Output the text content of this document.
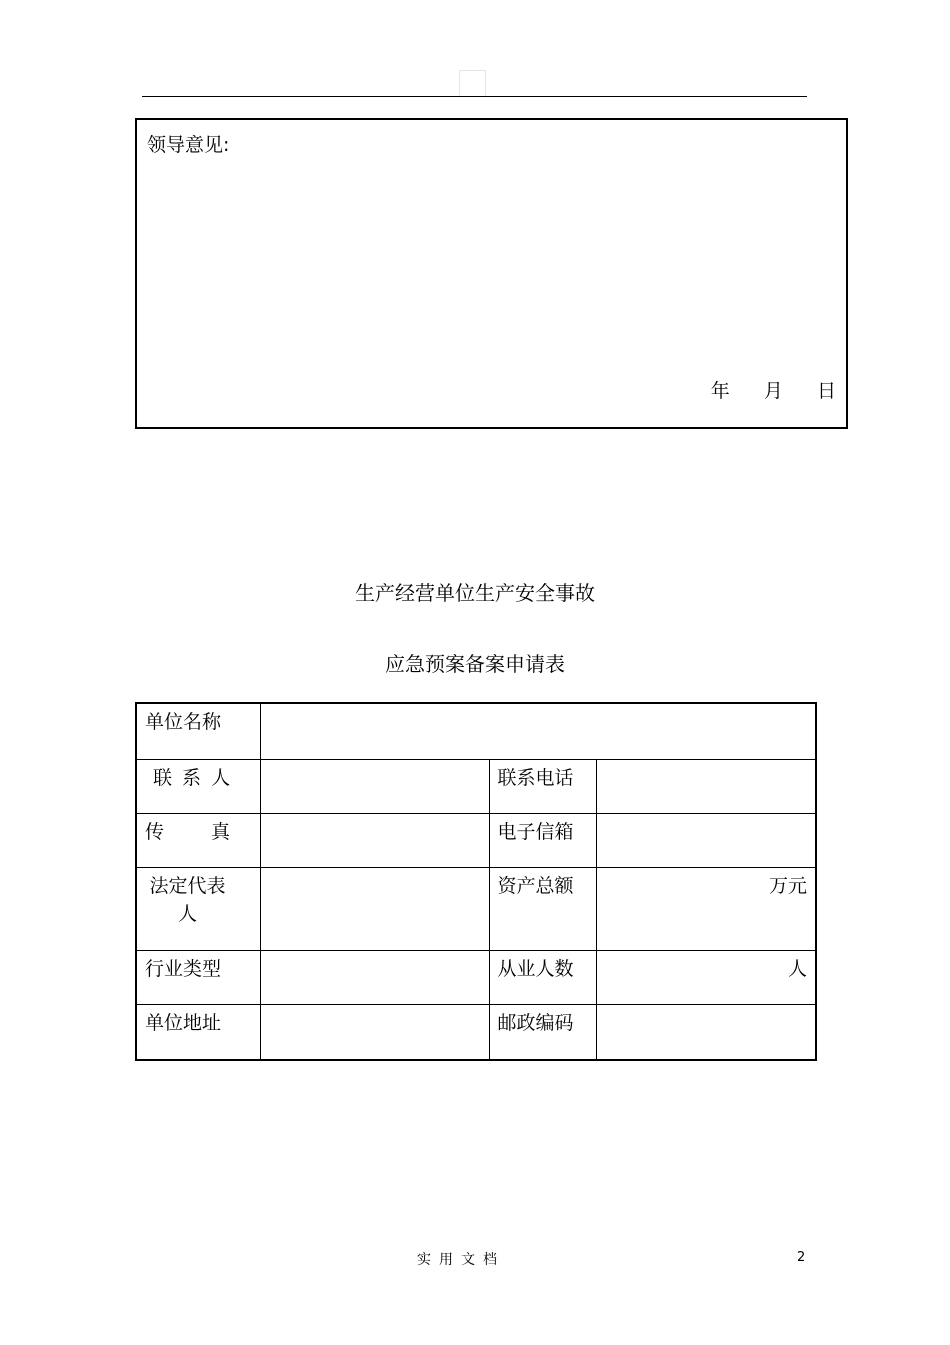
领导意见:
年 月 日
生产经营单位生产安全事故
应急预案备案申请表
单位名称			
联 系 人		联系电话	

传 真		电子信箱	

法定代表
人		资产总额	万元
行业类型		从业人数	人
单位地址		邮政编码	
实用文档	2
